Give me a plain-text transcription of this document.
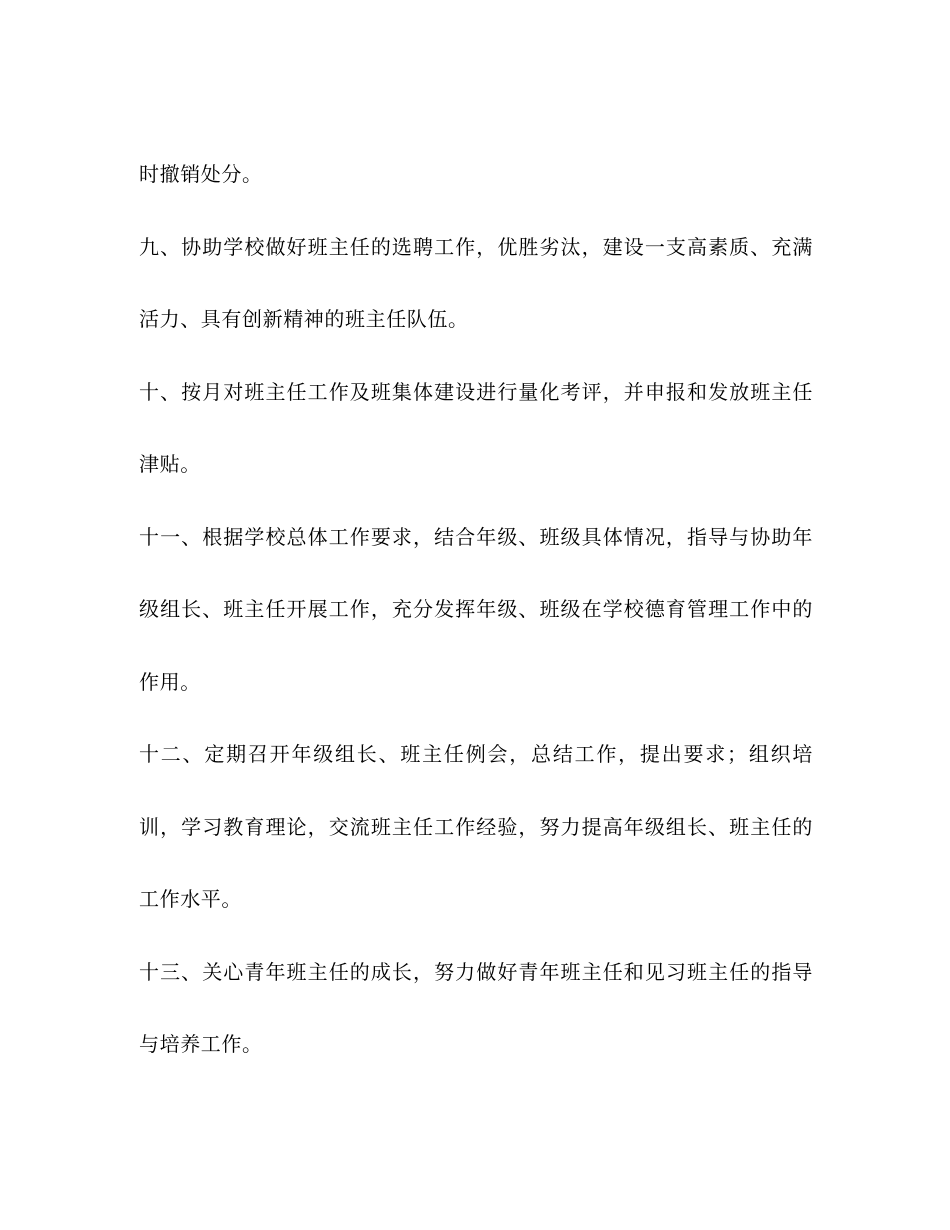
时撤销处分。

九、协助学校做好班主任的选聘工作，优胜劣汰，建设一支高素质、充满活力、具有创新精神的班主任队伍。

十、按月对班主任工作及班集体建设进行量化考评，并申报和发放班主任津贴。

十一、根据学校总体工作要求，结合年级、班级具体情况，指导与协助年级组长、班主任开展工作，充分发挥年级、班级在学校德育管理工作中的作用。

十二、定期召开年级组长、班主任例会，总结工作，提出要求；组织培训，学习教育理论，交流班主任工作经验，努力提高年级组长、班主任的工作水平。

十三、关心青年班主任的成长，努力做好青年班主任和见习班主任的指导与培养工作。
